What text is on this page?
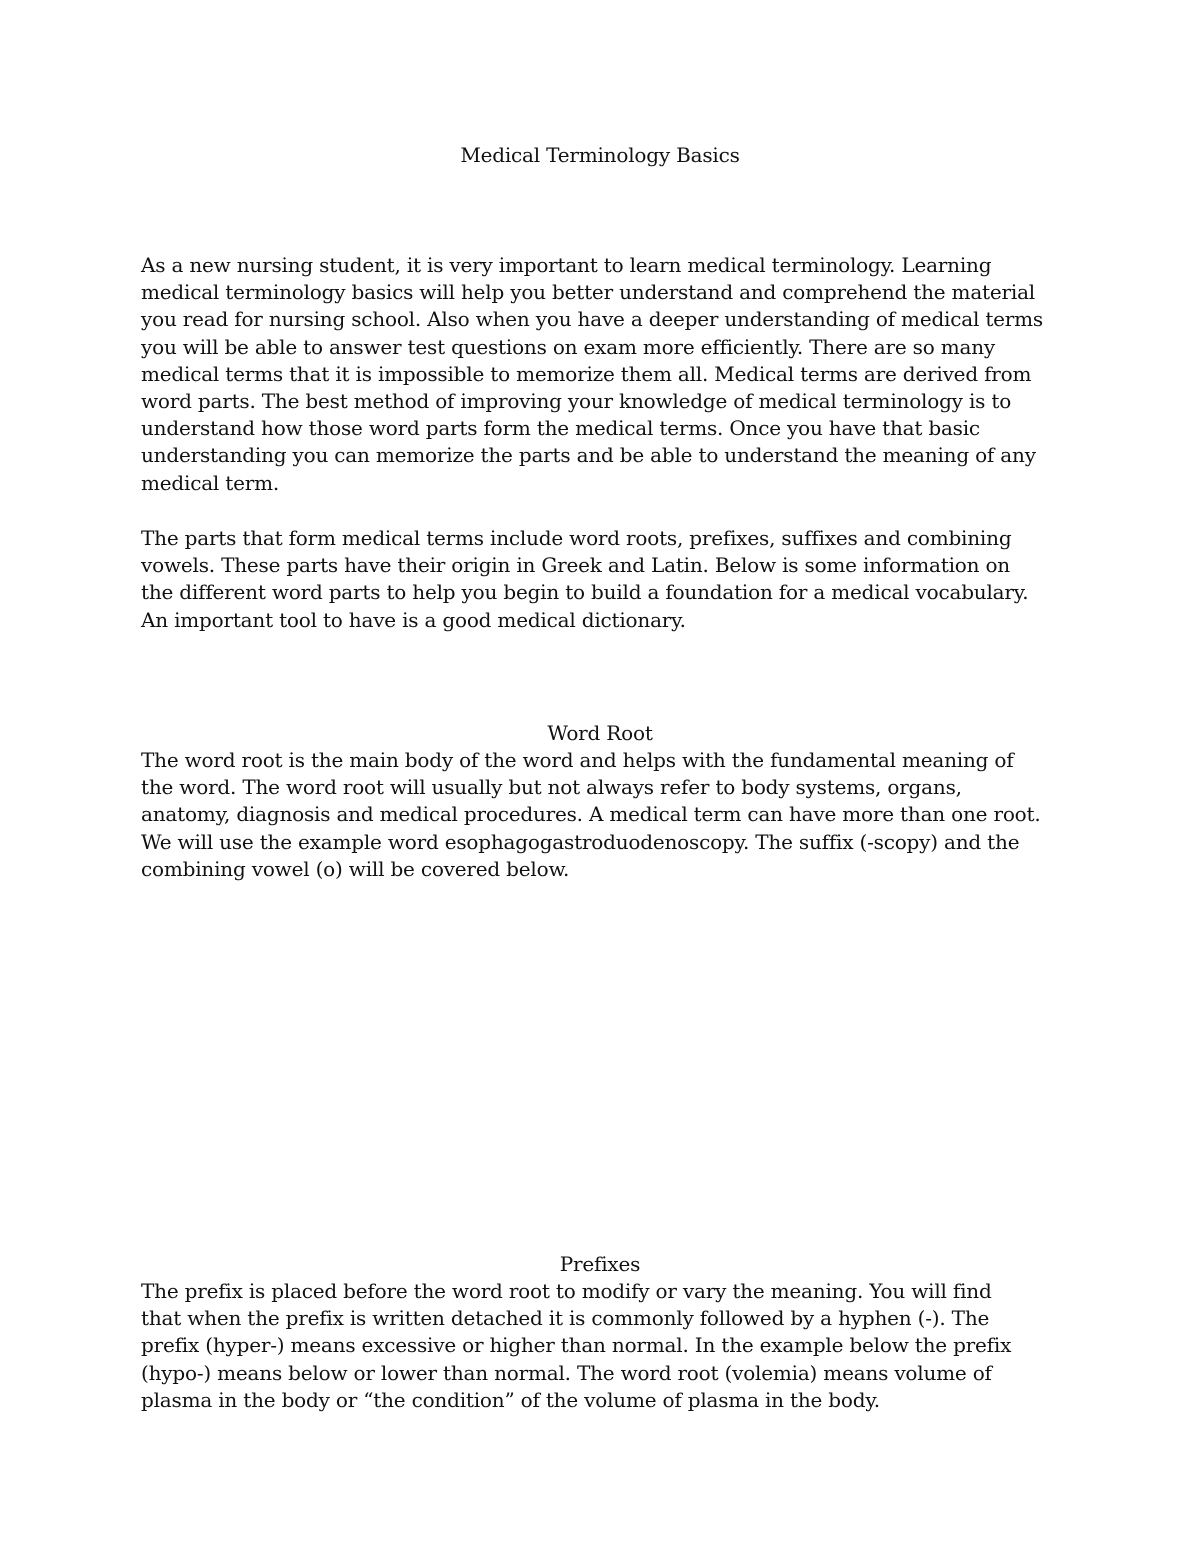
Medical Terminology Basics

As a new nursing student, it is very important to learn medical terminology. Learning
medical terminology basics will help you better understand and comprehend the material
you read for nursing school. Also when you have a deeper understanding of medical terms
you will be able to answer test questions on exam more efficiently. There are so many
medical terms that it is impossible to memorize them all. Medical terms are derived from
word parts. The best method of improving your knowledge of medical terminology is to
understand how those word parts form the medical terms. Once you have that basic
understanding you can memorize the parts and be able to understand the meaning of any
medical term.

The parts that form medical terms include word roots, prefixes, suffixes and combining
vowels. These parts have their origin in Greek and Latin. Below is some information on
the different word parts to help you begin to build a foundation for a medical vocabulary.
An important tool to have is a good medical dictionary.

Word Root

The word root is the main body of the word and helps with the fundamental meaning of
the word. The word root will usually but not always refer to body systems, organs,
anatomy, diagnosis and medical procedures. A medical term can have more than one root.
We will use the example word esophagogastroduodenoscopy. The suffix (-scopy) and the
combining vowel (o) will be covered below.

Prefixes

The prefix is placed before the word root to modify or vary the meaning. You will find
that when the prefix is written detached it is commonly followed by a hyphen (-). The
prefix (hyper-) means excessive or higher than normal. In the example below the prefix
(hypo-) means below or lower than normal. The word root (volemia) means volume of
plasma in the body or “the condition” of the volume of plasma in the body.
